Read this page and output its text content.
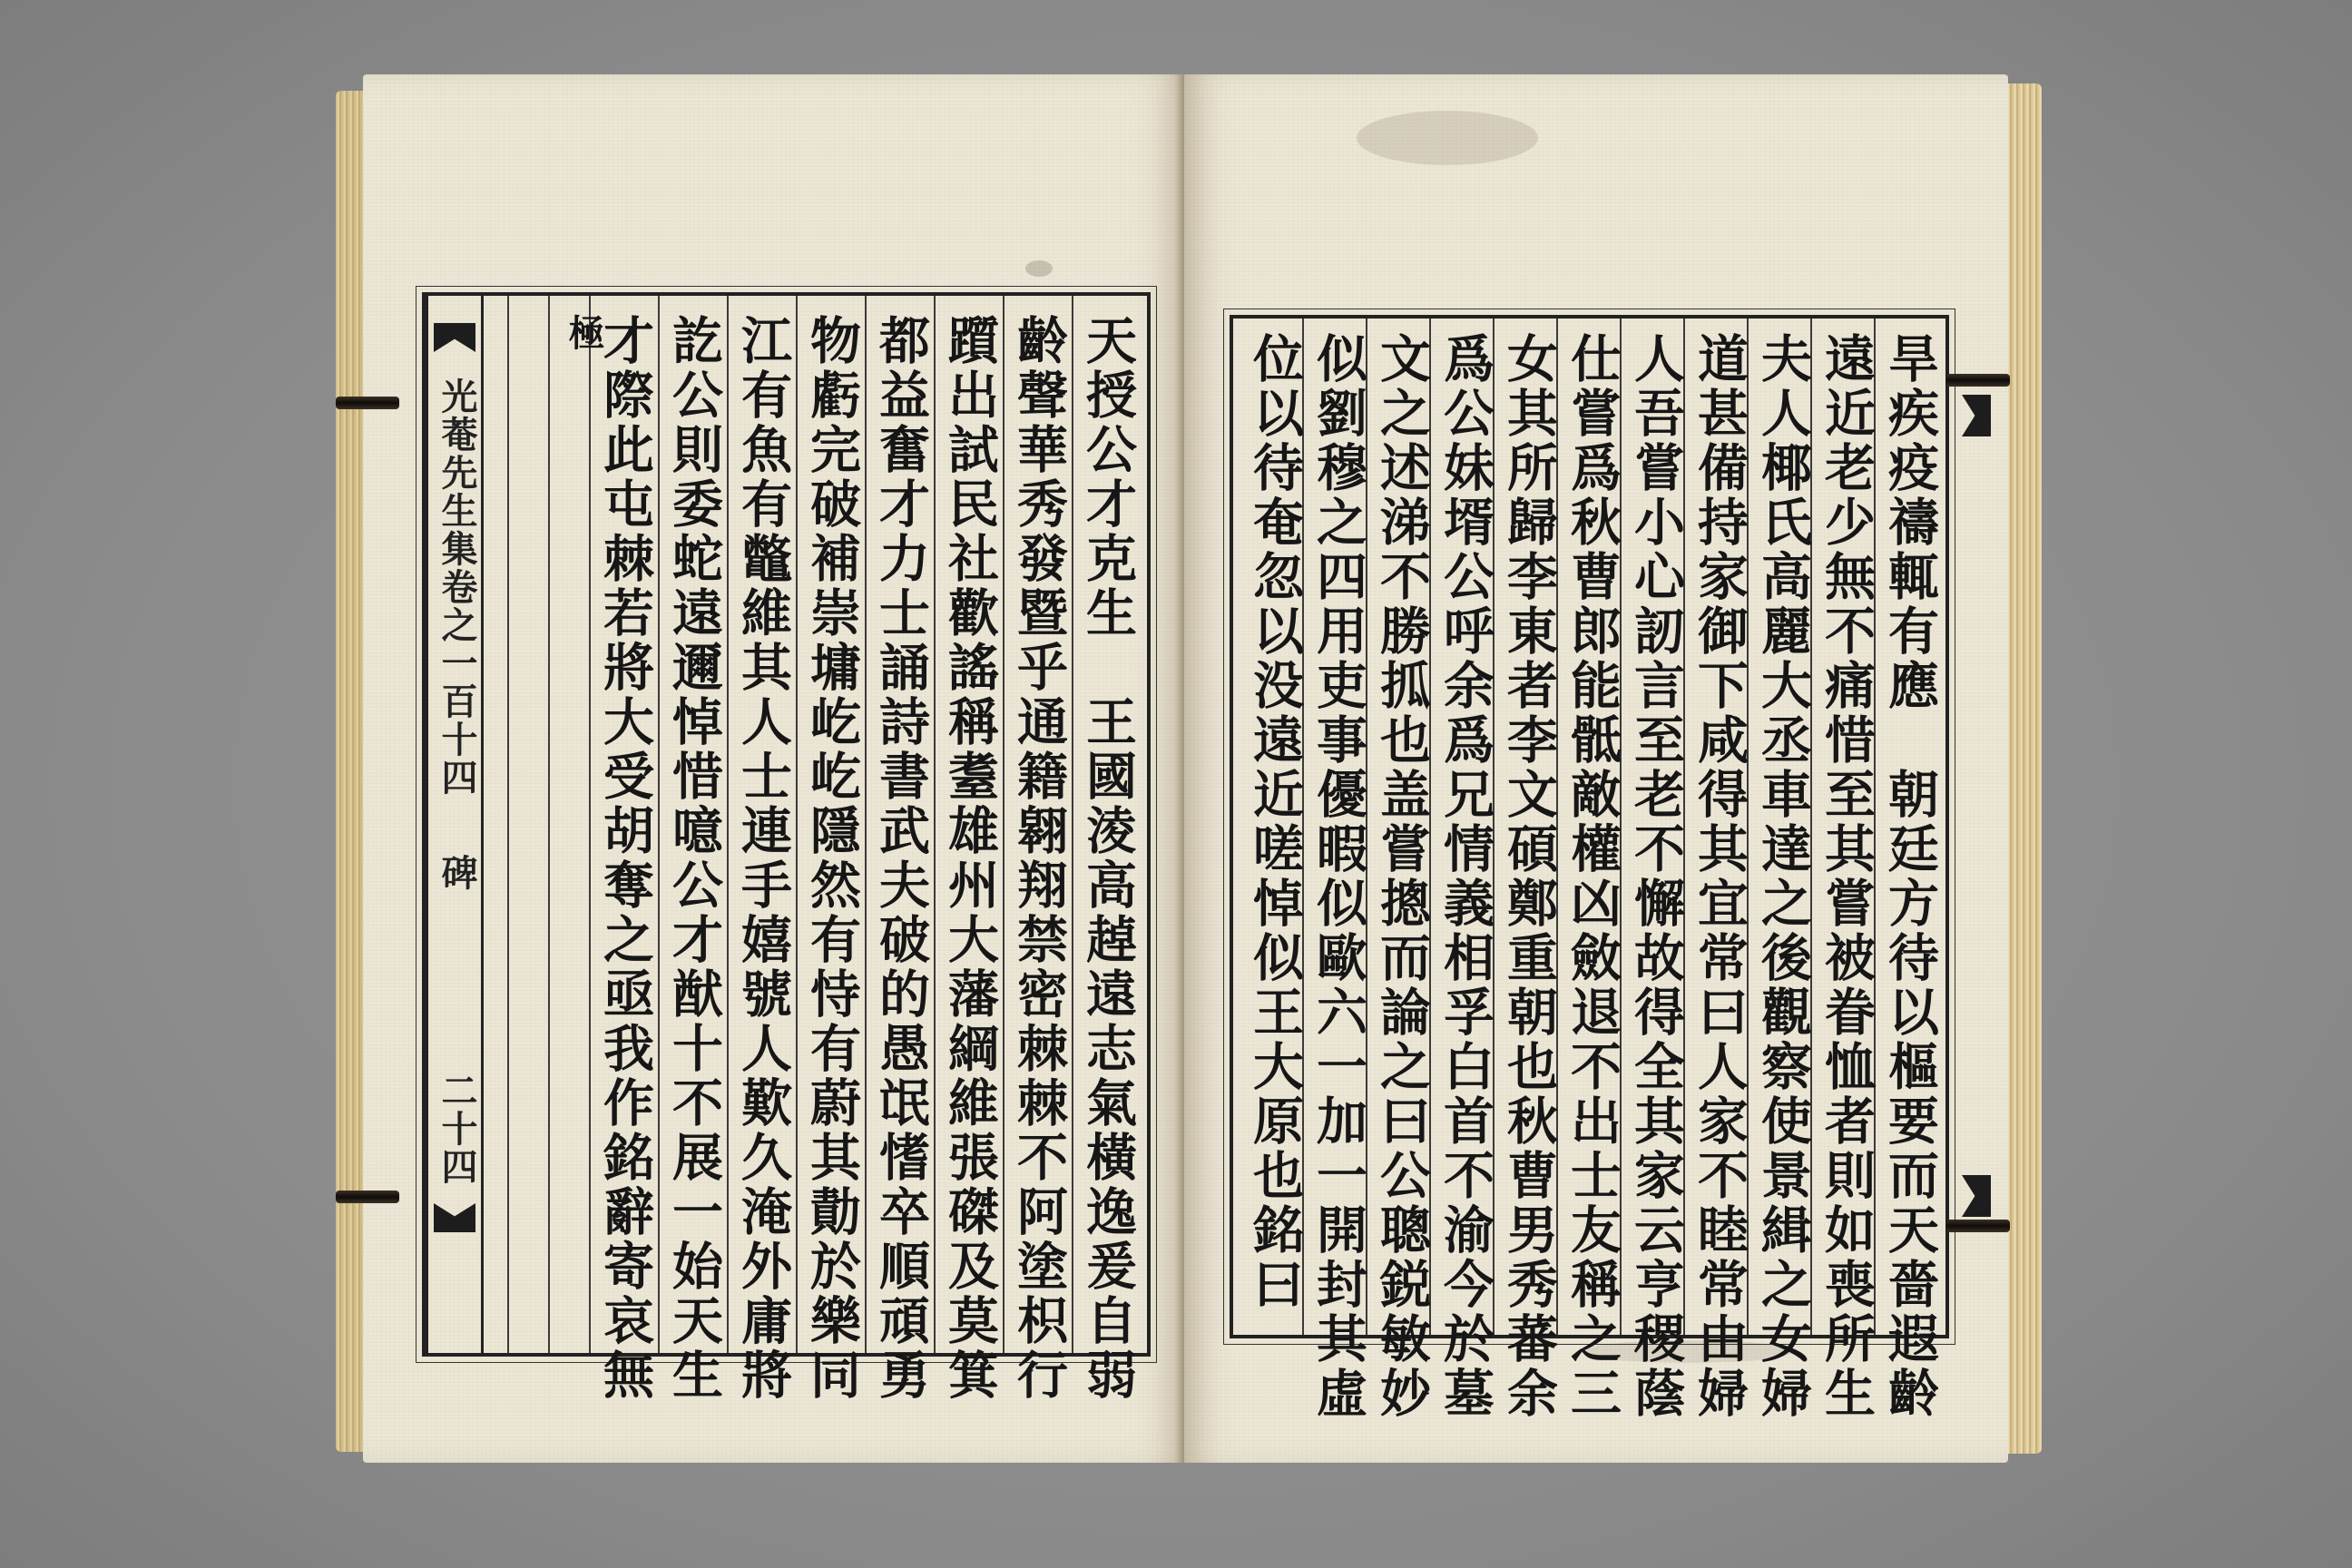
光菴先生集卷之一百十四
碑
二十四	天授公才克生　王國淩高趠遠志氣橫逸爰自弱
齡聲華秀發暨乎通籍翱翔禁密棘棘不阿塗枳行
躓出試民社歡謠稱耋雄州大藩綱維張磔及莫箕
都益奮才力士誦詩書武夫破的愚氓愭卒順頑勇
物虧完破補崇墉屹屹隱然有恃有蔚其勣於樂同
江有魚有鼈維其人士連手嬉號人歎久淹外庸將
訖公則委蛇遠邇悼惜噫公才猷十不展一始天生
才際此屯棘若將大受胡奪之亟我作銘辭寄哀無
極	旱疾疫禱輒有應　朝廷方待以樞要而天嗇遐齡
遠近老少無不痛惜至其嘗被眷恤者則如喪所生
夫人椰氏高麗大丞車達之後觀察使景緝之女婦
道甚備持家御下咸得其宜常曰人家不睦常由婦
人吾嘗小心訒言至老不懈故得全其家云亨稷蔭
仕嘗爲秋曹郎能骶敵權凶斂退不出士友稱之三
女其所歸李東者李文碩鄭重朝也秋曹男秀蕃余
爲公妹壻公呼余爲兄情義相孚白首不渝今於墓
文之述涕不勝㧓也盖嘗摠而論之曰公聰鋭敏妙
似劉穆之四用吏事優暇似歐六一加一開封其虛
位以待奄忽以没遠近嗟悼似王大原也銘曰
